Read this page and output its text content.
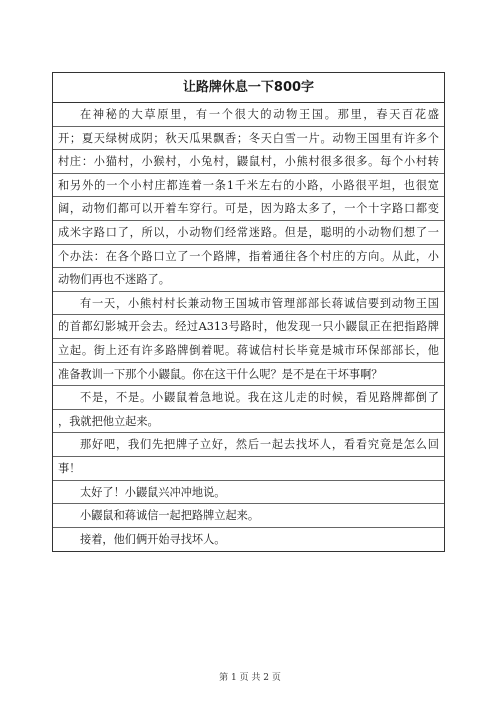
让路牌休息一下800字
在神秘的大草原里，有一个很大的动物王国。那里，春天百花盛
开；夏天绿树成阴；秋天瓜果飘香；冬天白雪一片。动物王国里有许多个
村庄：小猫村，小猴村，小兔村，鼹鼠村，小熊村很多很多。每个小村转
和另外的一个小村庄都连着一条1千米左右的小路，小路很平坦，也很宽
阔，动物们都可以开着车穿行。可是，因为路太多了，一个十字路口都变
成米字路口了，所以，小动物们经常迷路。但是，聪明的小动物们想了一
个办法：在各个路口立了一个路牌，指着通往各个村庄的方向。从此，小
动物们再也不迷路了。
有一天，小熊村村长兼动物王国城市管理部部长蒋诚信要到动物王国
的首都幻影城开会去。经过A313号路时，他发现一只小鼹鼠正在把指路牌
立起。街上还有许多路牌倒着呢。蒋诚信村长毕竟是城市环保部部长，他
准备教训一下那个小鼹鼠。你在这干什么呢？是不是在干坏事啊？
不是，不是。小鼹鼠着急地说。我在这儿走的时候，看见路牌都倒了
，我就把他立起来。
那好吧，我们先把牌子立好，然后一起去找坏人，看看究竟是怎么回
事！
太好了！小鼹鼠兴冲冲地说。
小鼹鼠和蒋诚信一起把路牌立起来。
接着，他们俩开始寻找坏人。
第 1 页 共 2 页
